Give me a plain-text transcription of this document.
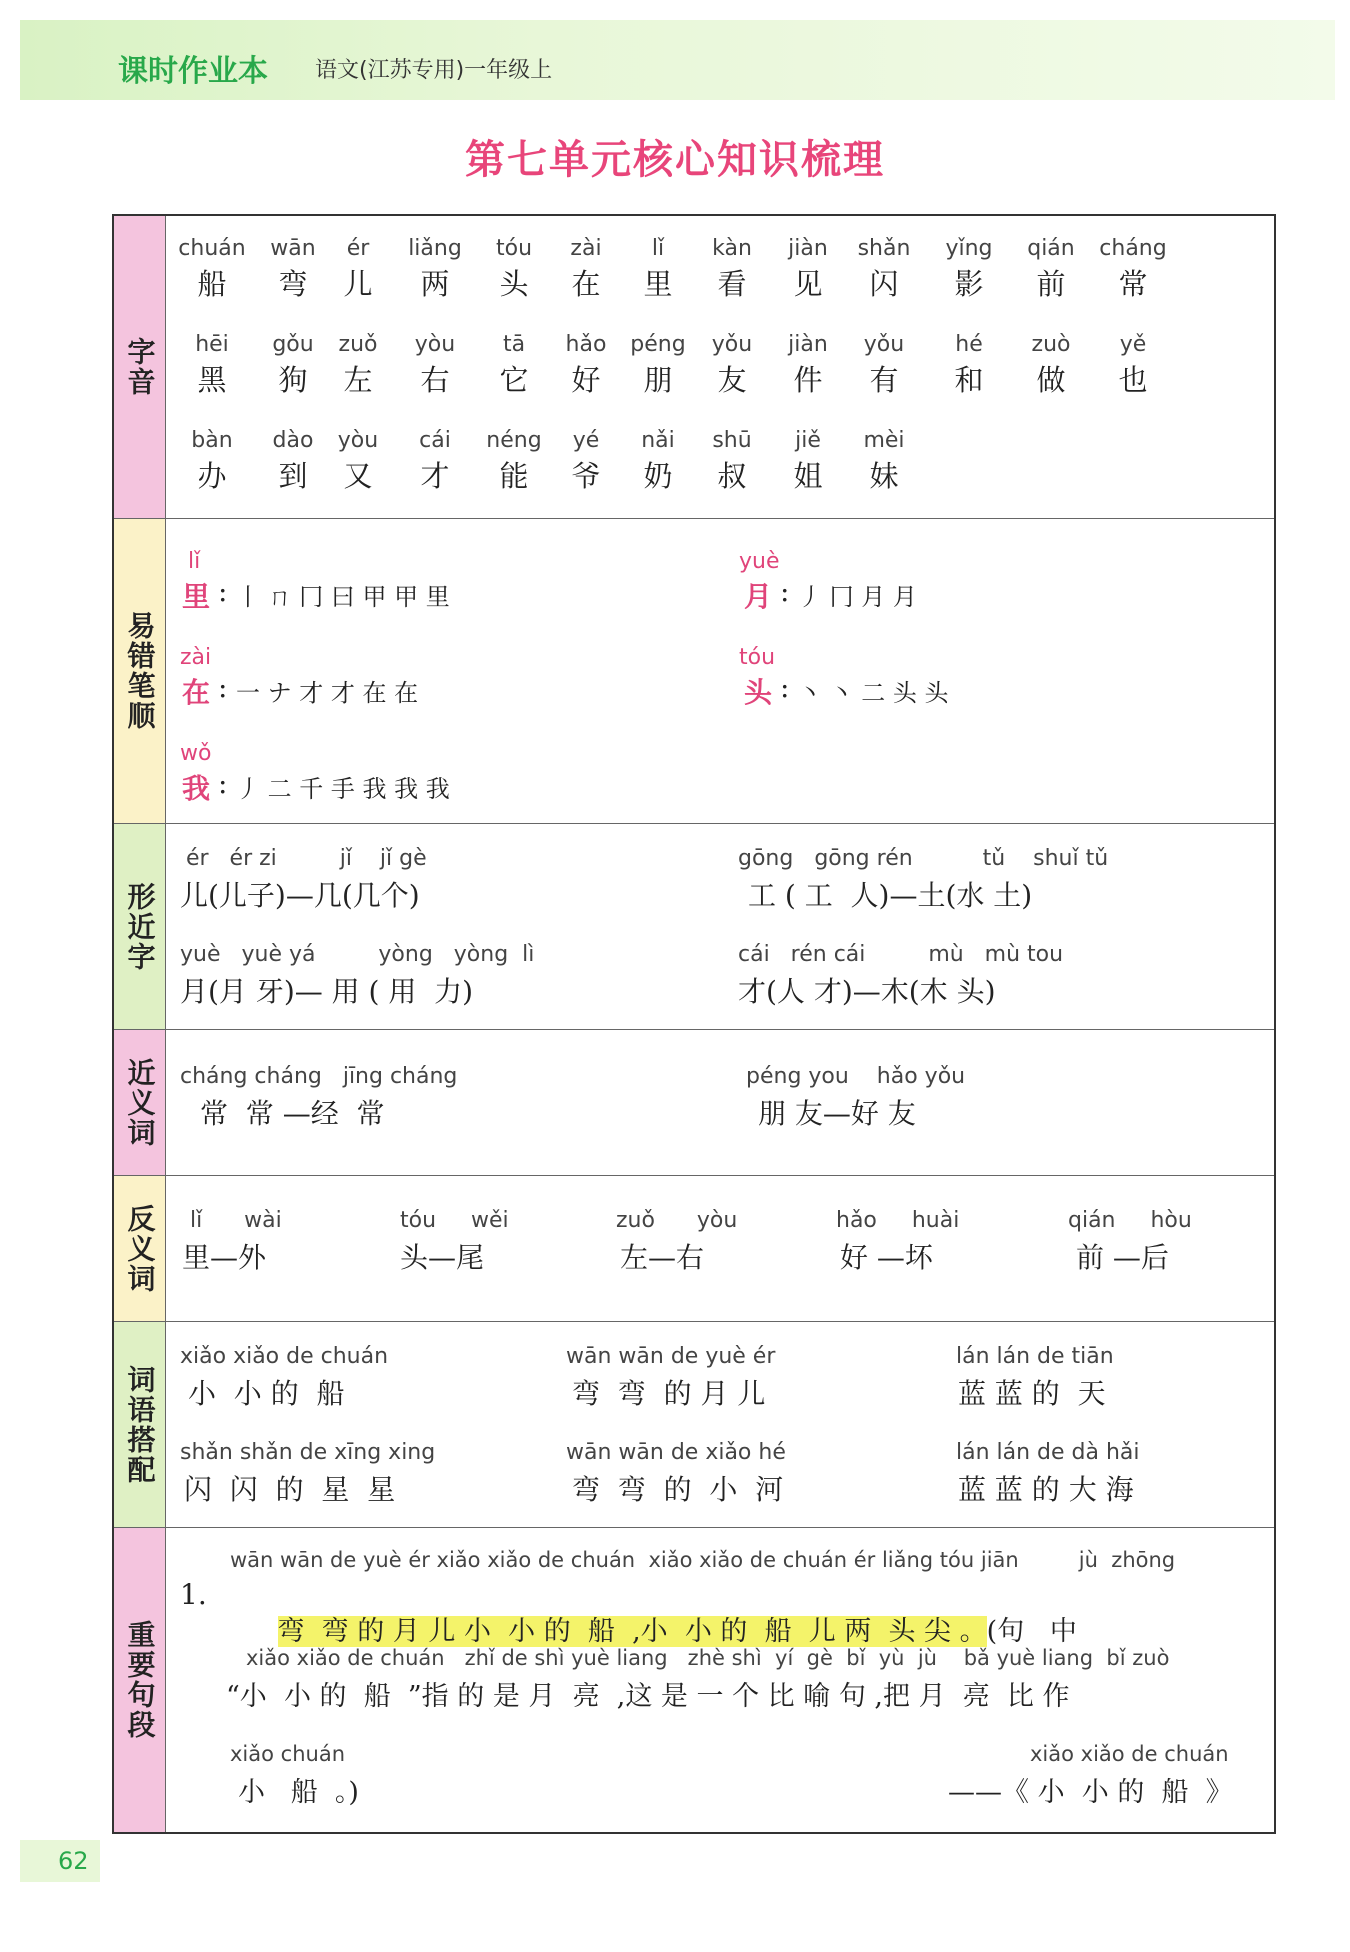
课时作业本 语文(江苏专用)一年级上
第七单元核心知识梳理
字音
chuán
船
wān
弯
ér
儿
liǎng
两
tóu
头
zài
在
lǐ
里
kàn
看
jiàn
见
shǎn
闪
yǐng
影
qián
前
cháng
常
hēi
黑
gǒu
狗
zuǒ
左
yòu
右
tā
它
hǎo
好
péng
朋
yǒu
友
jiàn
件
yǒu
有
hé
和
zuò
做
yě
也
bàn
办
dào
到
yòu
又
cái
才
néng
能
yé
爷
nǎi
奶
shū
叔
jiě
姐
mèi
妹
易错笔顺
lǐ
里 : 丨 ㄇ 冂 曰 甲 甲 里
yuè
月 : 丿 冂 月 月
zài
在 : 一 ナ 才 才 在 在
tóu
头 : 丶 丶 二 头 头
wǒ
我 : 丿 二 千 手 我 我 我
形近字
ér   ér zi         jǐ    jǐ gè
儿(儿子)—几(几个)
gōng   gōng rén          tǔ    shuǐ tǔ
工 ( 工  人)—土(水 土)
yuè   yuè yá         yòng   yòng  lì
月(月 牙)— 用 ( 用  力)
cái   rén cái         mù   mù tou
才(人 才)—木(木 头)
近义词	cháng cháng   jīng cháng
常  常 —经  常
péng you    hǎo yǒu
朋 友—好 友
反义词	lǐ      wài
里—外
tóu     wěi
头—尾
zuǒ      yòu
左—右
hǎo     huài
好 —坏
qián     hòu
前 —后
词语搭配
xiǎo xiǎo de chuán
小  小 的  船
wān wān de yuè ér
弯  弯  的 月 儿
lán lán de tiān
蓝 蓝 的  天
shǎn shǎn de xīng xing
闪  闪  的  星  星
wān wān de xiǎo hé
弯  弯  的  小  河
lán lán de dà hǎi
蓝 蓝 的 大 海
重要句段
wān wān de yuè ér xiǎo xiǎo de chuán  xiǎo xiǎo de chuán ér liǎng tóu jiān         jù  zhōng
1.

弯  弯 的 月 儿 小  小 的  船  ,小  小 的  船  儿 两  头 尖 。(句   中

xiǎo xiǎo de chuán   zhǐ de shì yuè liang   zhè shì  yí  gè  bǐ  yù  jù    bǎ yuè liang  bǐ zuò
“小  小 的  船  ”指 的 是 月  亮  ,这 是 一 个 比 喻 句 ,把 月  亮  比 作
xiǎo chuán
小   船  。)
xiǎo xiǎo de chuán
——《 小  小 的  船  》
62
